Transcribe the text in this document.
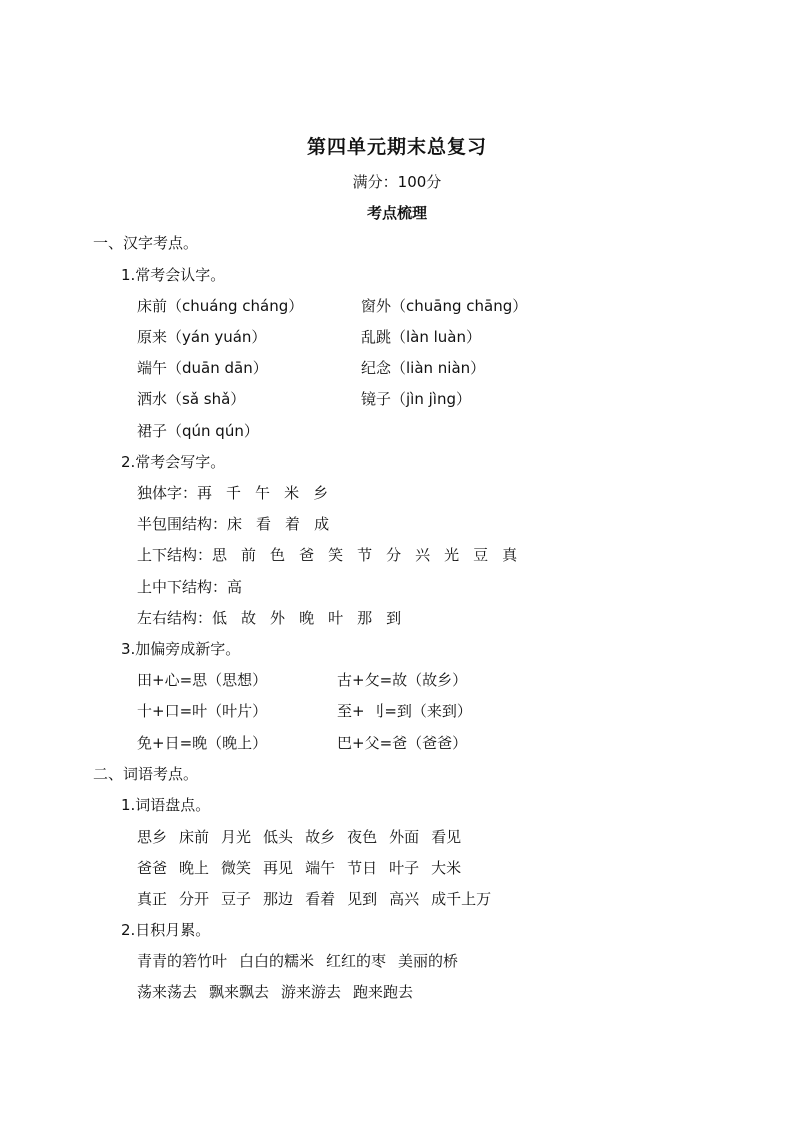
第四单元期末总复习
满分：100分
考点梳理
一、汉字考点。
1.常考会认字。
床前（chuáng cháng）	窗外（chuāng chāng）
原来（yán yuán）	乱跳（làn luàn）
端午（duān dān）	纪念（liàn niàn）
洒水（sǎ shǎ）	镜子（jìn jìng）
裙子（qún qún）
2.常考会写字。
独体字：再 千 午 米 乡
半包围结构：床 看 着 成
上下结构：思 前 色 爸 笑 节 分 兴 光 豆 真
上中下结构：高
左右结构：低 故 外 晚 叶 那 到
3.加偏旁成新字。
田+心=思（思想）	古+攵=故（故乡）
十+口=叶（叶片）	至+ 刂=到（来到）
免+日=晚（晚上）	巴+父=爸（爸爸）
二、词语考点。
1.词语盘点。
思乡 床前 月光 低头 故乡 夜色 外面 看见
爸爸 晚上 微笑 再见 端午 节日 叶子 大米
真正 分开 豆子 那边 看着 见到 高兴 成千上万
2.日积月累。
青青的箬竹叶 白白的糯米 红红的枣 美丽的桥
荡来荡去 飘来飘去 游来游去 跑来跑去
